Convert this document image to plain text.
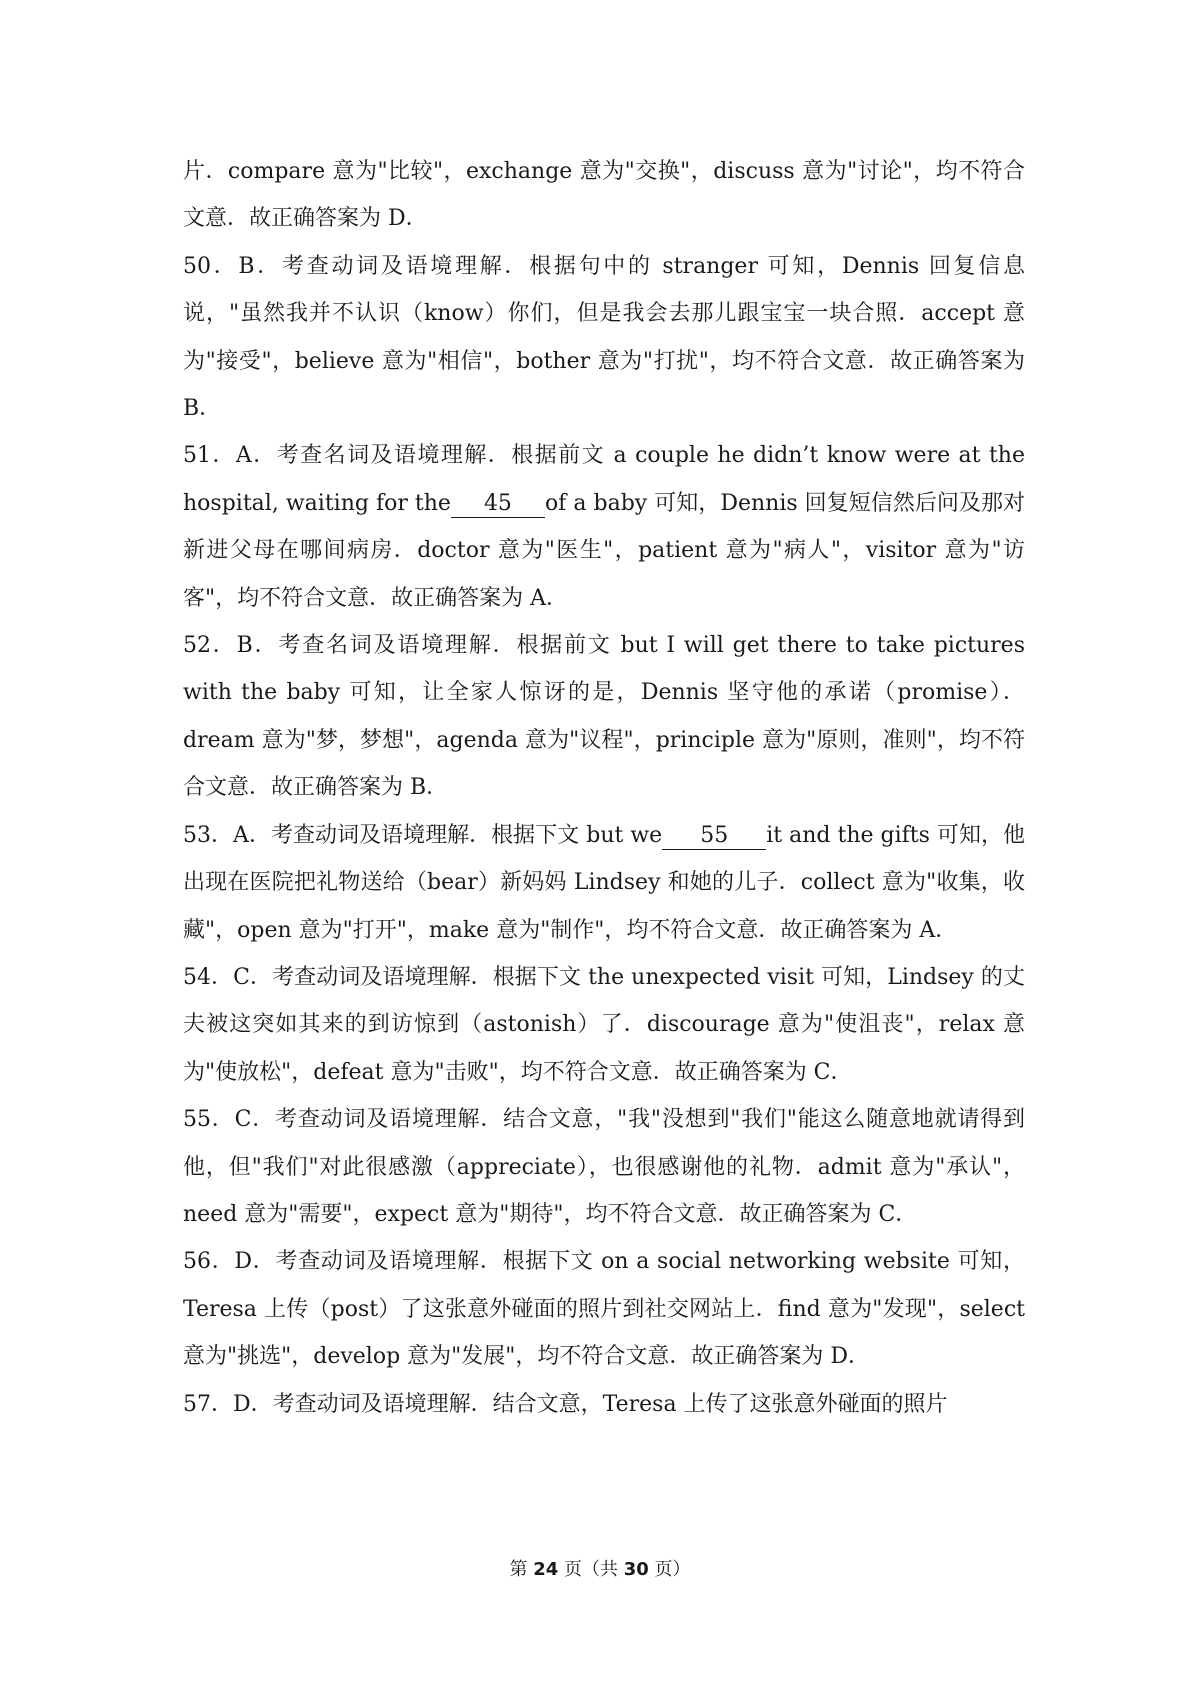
片．compare 意为"比较"，exchange 意为"交换"，discuss 意为"讨论"，均不符合文意．故正确答案为 D．

50．B．考查动词及语境理解．根据句中的 stranger 可知，Dennis 回复信息说，"虽然我并不认识（know）你们，但是我会去那儿跟宝宝一块合照．accept 意为"接受"，believe 意为"相信"，bother 意为"打扰"，均不符合文意．故正确答案为 B．

51．A．考查名词及语境理解．根据前文 a couple he didn’t know were at the hospital, waiting for the 45 of a baby 可知，Dennis 回复短信然后问及那对新进父母在哪间病房．doctor 意为"医生"，patient 意为"病人"，visitor 意为"访客"，均不符合文意．故正确答案为 A．

52．B．考查名词及语境理解．根据前文 but I will get there to take pictures with the baby 可知，让全家人惊讶的是，Dennis 坚守他的承诺（promise）． dream 意为"梦，梦想"，agenda 意为"议程"，principle 意为"原则，准则"，均不符合文意．故正确答案为 B．

53．A．考查动词及语境理解．根据下文 but we 55 it and the gifts 可知，他出现在医院把礼物送给（bear）新妈妈 Lindsey 和她的儿子．collect 意为"收集，收藏"，open 意为"打开"，make 意为"制作"，均不符合文意．故正确答案为 A．

54．C．考查动词及语境理解．根据下文 the unexpected visit 可知，Lindsey 的丈夫被这突如其来的到访惊到（astonish）了．discourage 意为"使沮丧"，relax 意为"使放松"，defeat 意为"击败"，均不符合文意．故正确答案为 C．

55．C．考查动词及语境理解．结合文意，"我"没想到"我们"能这么随意地就请得到他，但"我们"对此很感激（appreciate），也很感谢他的礼物．admit 意为"承认"，need 意为"需要"，expect 意为"期待"，均不符合文意．故正确答案为 C．

56．D．考查动词及语境理解．根据下文 on a social networking website 可知，Teresa 上传（post）了这张意外碰面的照片到社交网站上．find 意为"发现"，select 意为"挑选"，develop 意为"发展"，均不符合文意．故正确答案为 D．

57．D．考查动词及语境理解．结合文意，Teresa 上传了这张意外碰面的照片

第 24 页（共 30 页）
